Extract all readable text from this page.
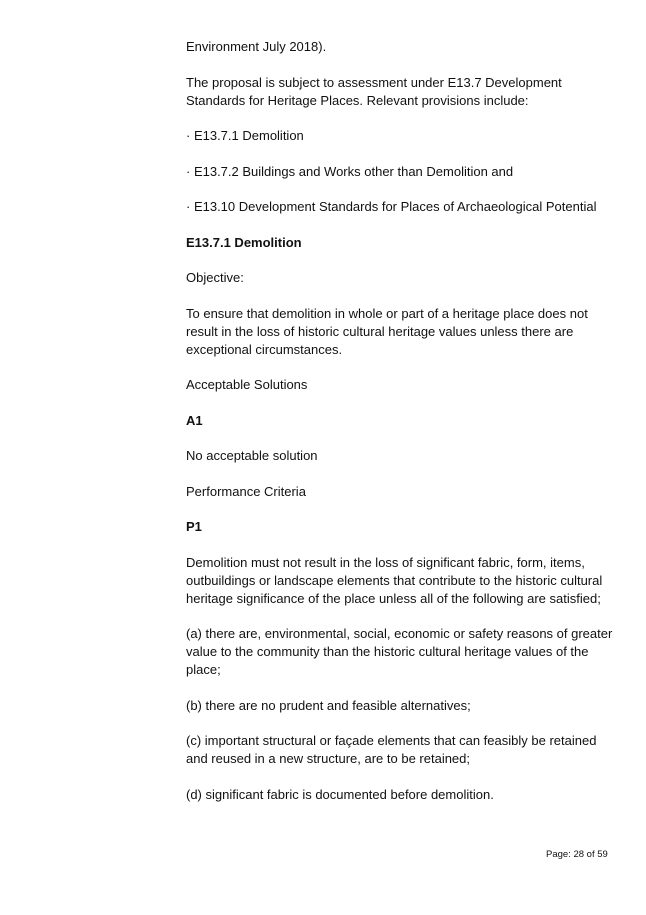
Environment July 2018).

The proposal is subject to assessment under E13.7 Development Standards for Heritage Places. Relevant provisions include:

· E13.7.1 Demolition

· E13.7.2 Buildings and Works other than Demolition and

· E13.10 Development Standards for Places of Archaeological Potential

E13.7.1 Demolition

Objective:

To ensure that demolition in whole or part of a heritage place does not result in the loss of historic cultural heritage values unless there are exceptional circumstances.

Acceptable Solutions

A1

No acceptable solution

Performance Criteria

P1

Demolition must not result in the loss of significant fabric, form, items, outbuildings or landscape elements that contribute to the historic cultural heritage significance of the place unless all of the following are satisfied;

(a) there are, environmental, social, economic or safety reasons of greater value to the community than the historic cultural heritage values of the place;

(b) there are no prudent and feasible alternatives;

(c) important structural or façade elements that can feasibly be retained and reused in a new structure, are to be retained;

(d) significant fabric is documented before demolition.

Page: 28 of 59
